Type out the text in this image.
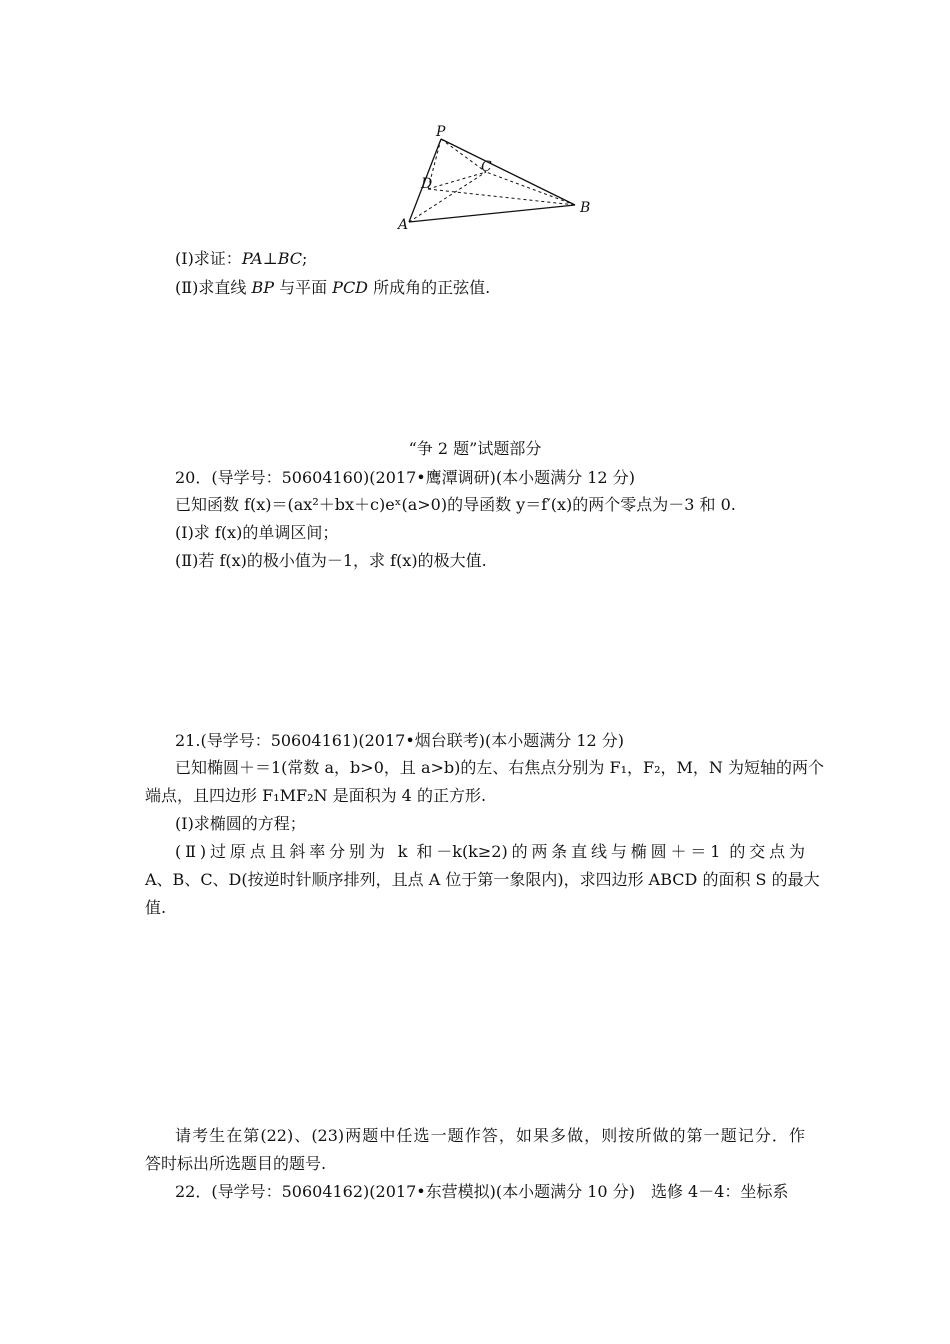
P
C
D
A
B
(Ⅰ)求证：PA⊥BC;
(Ⅱ)求直线 BP 与平面 PCD 所成角的正弦值.
“争 2 题”试题部分
20．(导学号：50604160)(2017•鹰潭调研)(本小题满分 12 分)
已知函数 f(x)＝(ax²＋bx＋c)eˣ(a>0)的导函数 y＝f′(x)的两个零点为－3 和 0.
(Ⅰ)求 f(x)的单调区间；
(Ⅱ)若 f(x)的极小值为－1，求 f(x)的极大值.
21.(导学号：50604161)(2017•烟台联考)(本小题满分 12 分)
已知椭圆＋＝1(常数 a，b>0，且 a>b)的左、右焦点分别为 F₁，F₂，M，N 为短轴的两个
端点，且四边形 F₁MF₂N 是面积为 4 的正方形.
(Ⅰ)求椭圆的方程；
(Ⅱ)过原点且斜率分别为 k 和－k(k≥2)的两条直线与椭圆＋＝1 的交点为
A、B、C、D(按逆时针顺序排列，且点 A 位于第一象限内)，求四边形 ABCD 的面积 S 的最大
值.
请考生在第(22)、(23)两题中任选一题作答，如果多做，则按所做的第一题记分．作
答时标出所选题目的题号.
22．(导学号：50604162)(2017•东营模拟)(本小题满分 10 分)　选修 4－4：坐标系
